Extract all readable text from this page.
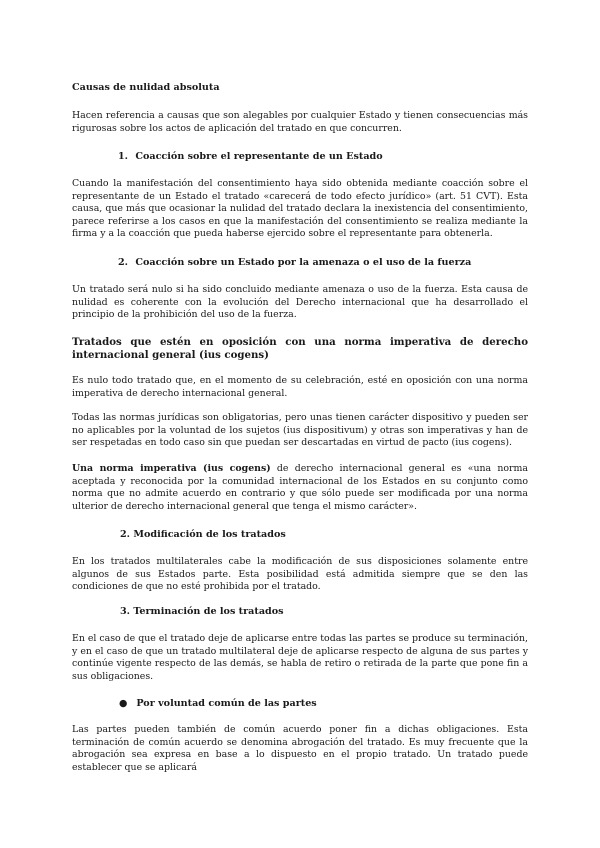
Causas de nulidad absoluta

Hacen referencia a causas que son alegables por cualquier Estado y tienen consecuencias más rigurosas sobre los actos de aplicación del tratado en que concurren.

1. Coacción sobre el representante de un Estado

Cuando la manifestación del consentimiento haya sido obtenida mediante coacción sobre el representante de un Estado el tratado «carecerá de todo efecto jurídico» (art. 51 CVT). Esta causa, que más que ocasionar la nulidad del tratado declara la inexistencia del consentimiento, parece referirse a los casos en que la manifestación del consentimiento se realiza mediante la firma y a la coacción que pueda haberse ejercido sobre el representante para obtenerla.

2. Coacción sobre un Estado por la amenaza o el uso de la fuerza

Un tratado será nulo si ha sido concluido mediante amenaza o uso de la fuerza. Esta causa de nulidad es coherente con la evolución del Derecho internacional que ha desarrollado el principio de la prohibición del uso de la fuerza.

Tratados que estén en oposición con una norma imperativa de derecho internacional general (ius cogens)

Es nulo todo tratado que, en el momento de su celebración, esté en oposición con una norma imperativa de derecho internacional general.

Todas las normas jurídicas son obligatorias, pero unas tienen carácter dispositivo y pueden ser no aplicables por la voluntad de los sujetos (ius dispositivum) y otras son imperativas y han de ser respetadas en todo caso sin que puedan ser descartadas en virtud de pacto (ius cogens).

Una norma imperativa (ius cogens) de derecho internacional general es «una norma aceptada y reconocida por la comunidad internacional de los Estados en su conjunto como norma que no admite acuerdo en contrario y que sólo puede ser modificada por una norma ulterior de derecho internacional general que tenga el mismo carácter».

2. Modificación de los tratados

En los tratados multilaterales cabe la modificación de sus disposiciones solamente entre algunos de sus Estados parte. Esta posibilidad está admitida siempre que se den las condiciones de que no esté prohibida por el tratado.

3. Terminación de los tratados

En el caso de que el tratado deje de aplicarse entre todas las partes se produce su terminación, y en el caso de que un tratado multilateral deje de aplicarse respecto de alguna de sus partes y continúe vigente respecto de las demás, se habla de retiro o retirada de la parte que pone fin a sus obligaciones.

● Por voluntad común de las partes

Las partes pueden también de común acuerdo poner fin a dichas obligaciones. Esta terminación de común acuerdo se denomina abrogación del tratado. Es muy frecuente que la abrogación sea expresa en base a lo dispuesto en el propio tratado. Un tratado puede establecer que se aplicará
